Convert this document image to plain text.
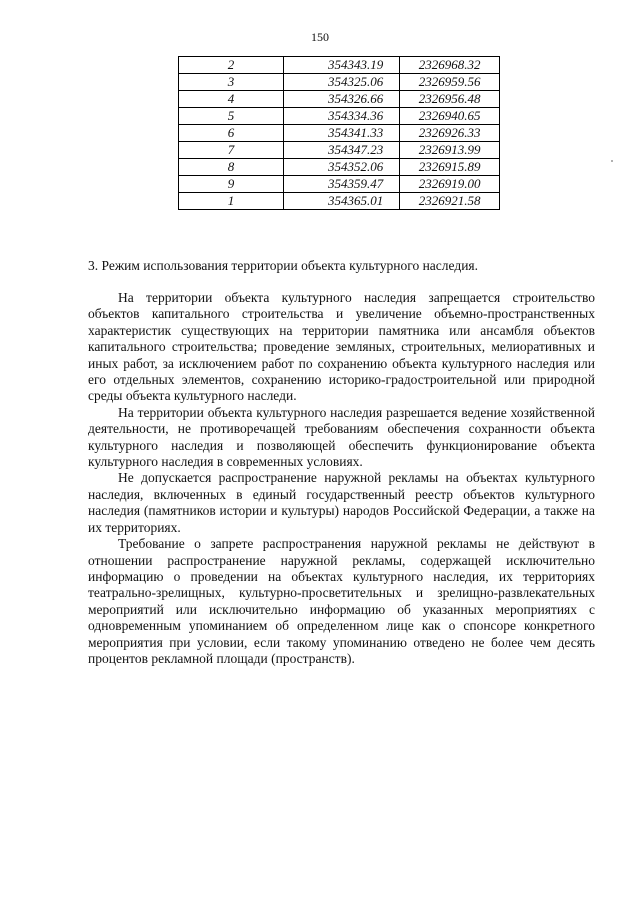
150
2	354343.19	2326968.32
3	354325.06	2326959.56
4	354326.66	2326956.48
5	354334.36	2326940.65
6	354341.33	2326926.33
7	354347.23	2326913.99
8	354352.06	2326915.89
9	354359.47	2326919.00
1	354365.01	2326921.58
3. Режим использования территории объекта культурного наследия.

На территории объекта культурного наследия запрещается строительство объектов капитального строительства и увеличение объемно-пространственных характеристик существующих на территории памятника или ансамбля объектов капитального строительства; проведение земляных, строительных, мелиоративных и иных работ, за исключением работ по сохранению объекта культурного наследия или его отдельных элементов, сохранению историко-градостроительной или природной среды объекта культурного наследи.

На территории объекта культурного наследия разрешается ведение хозяйственной деятельности, не противоречащей требованиям обеспечения сохранности объекта культурного наследия и позволяющей обеспечить функционирование объекта культурного наследия в современных условиях.

Не допускается распространение наружной рекламы на объектах культурного наследия, включенных в единый государственный реестр объектов культурного наследия (памятников истории и культуры) народов Российской Федерации, а также на их территориях.

Требование о запрете распространения наружной рекламы не действуют в отношении распространение наружной рекламы, содержащей исключительно информацию о проведении на объектах культурного наследия, их территориях театрально-зрелищных, культурно-просветительных и зрелищно-развлекательных мероприятий или исключительно информацию об указанных мероприятиях с одновременным упоминанием об определенном лице как о спонсоре конкретного мероприятия при условии, если такому упоминанию отведено не более чем десять процентов рекламной площади (пространств).
